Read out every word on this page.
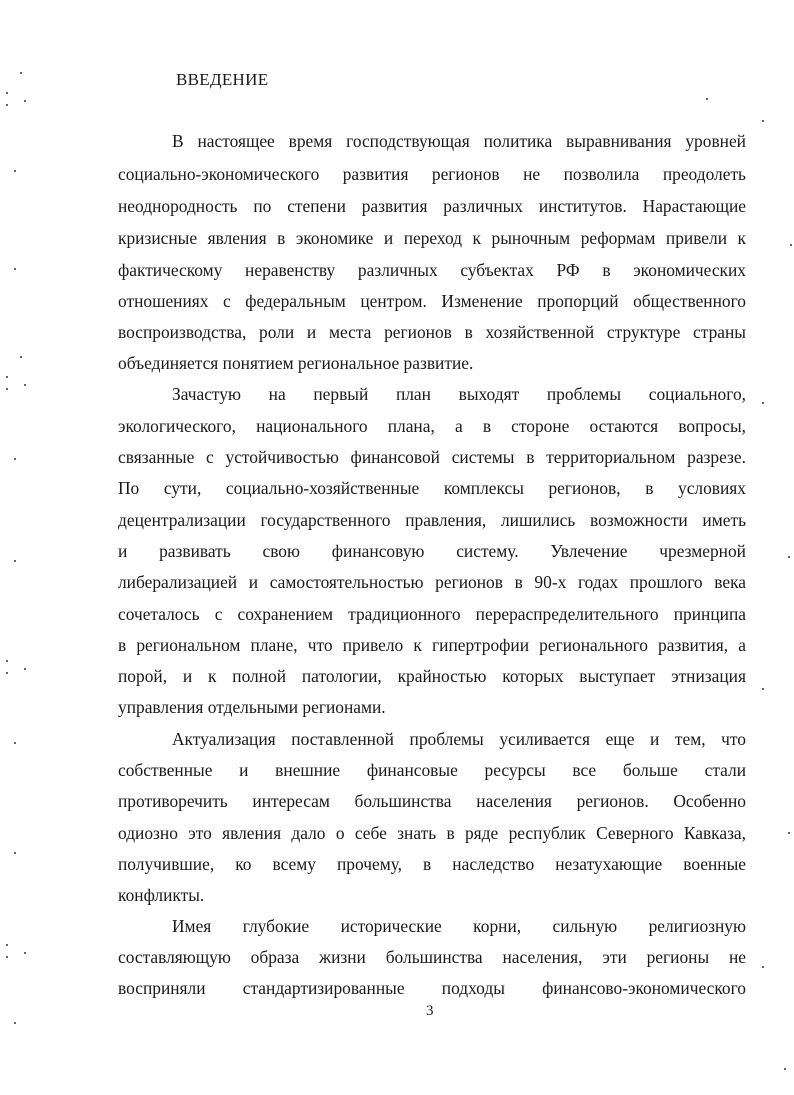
ВВЕДЕНИЕ
В настоящее время господствующая политика выравнивания уровней
социально-экономического развития регионов не позволила преодолеть
неоднородность по степени развития различных институтов. Нарастающие
кризисные явления в экономике и переход к рыночным реформам привели к
фактическому неравенству различных субъектах РФ в экономических
отношениях с федеральным центром. Изменение пропорций общественного
воспроизводства, роли и места регионов в хозяйственной структуре страны
объединяется понятием региональное развитие.
Зачастую на первый план выходят проблемы социального,
экологического, национального плана, а в стороне остаются вопросы,
связанные с устойчивостью финансовой системы в территориальном разрезе.
По сути, социально-хозяйственные комплексы регионов, в условиях
децентрализации государственного правления, лишились возможности иметь
и развивать свою финансовую систему. Увлечение чрезмерной
либерализацией и самостоятельностью регионов в 90-х годах прошлого века
сочеталось с сохранением традиционного перераспределительного принципа
в региональном плане, что привело к гипертрофии регионального развития, а
порой, и к полной патологии, крайностью которых выступает этнизация
управления отдельными регионами.
Актуализация поставленной проблемы усиливается еще и тем, что
собственные и внешние финансовые ресурсы все больше стали
противоречить интересам большинства населения регионов. Особенно
одиозно это явления дало о себе знать в ряде республик Северного Кавказа,
получившие, ко всему прочему, в наследство незатухающие военные
конфликты.
Имея глубокие исторические корни, сильную религиозную
составляющую образа жизни большинства населения, эти регионы не
восприняли стандартизированные подходы финансово-экономического
3
